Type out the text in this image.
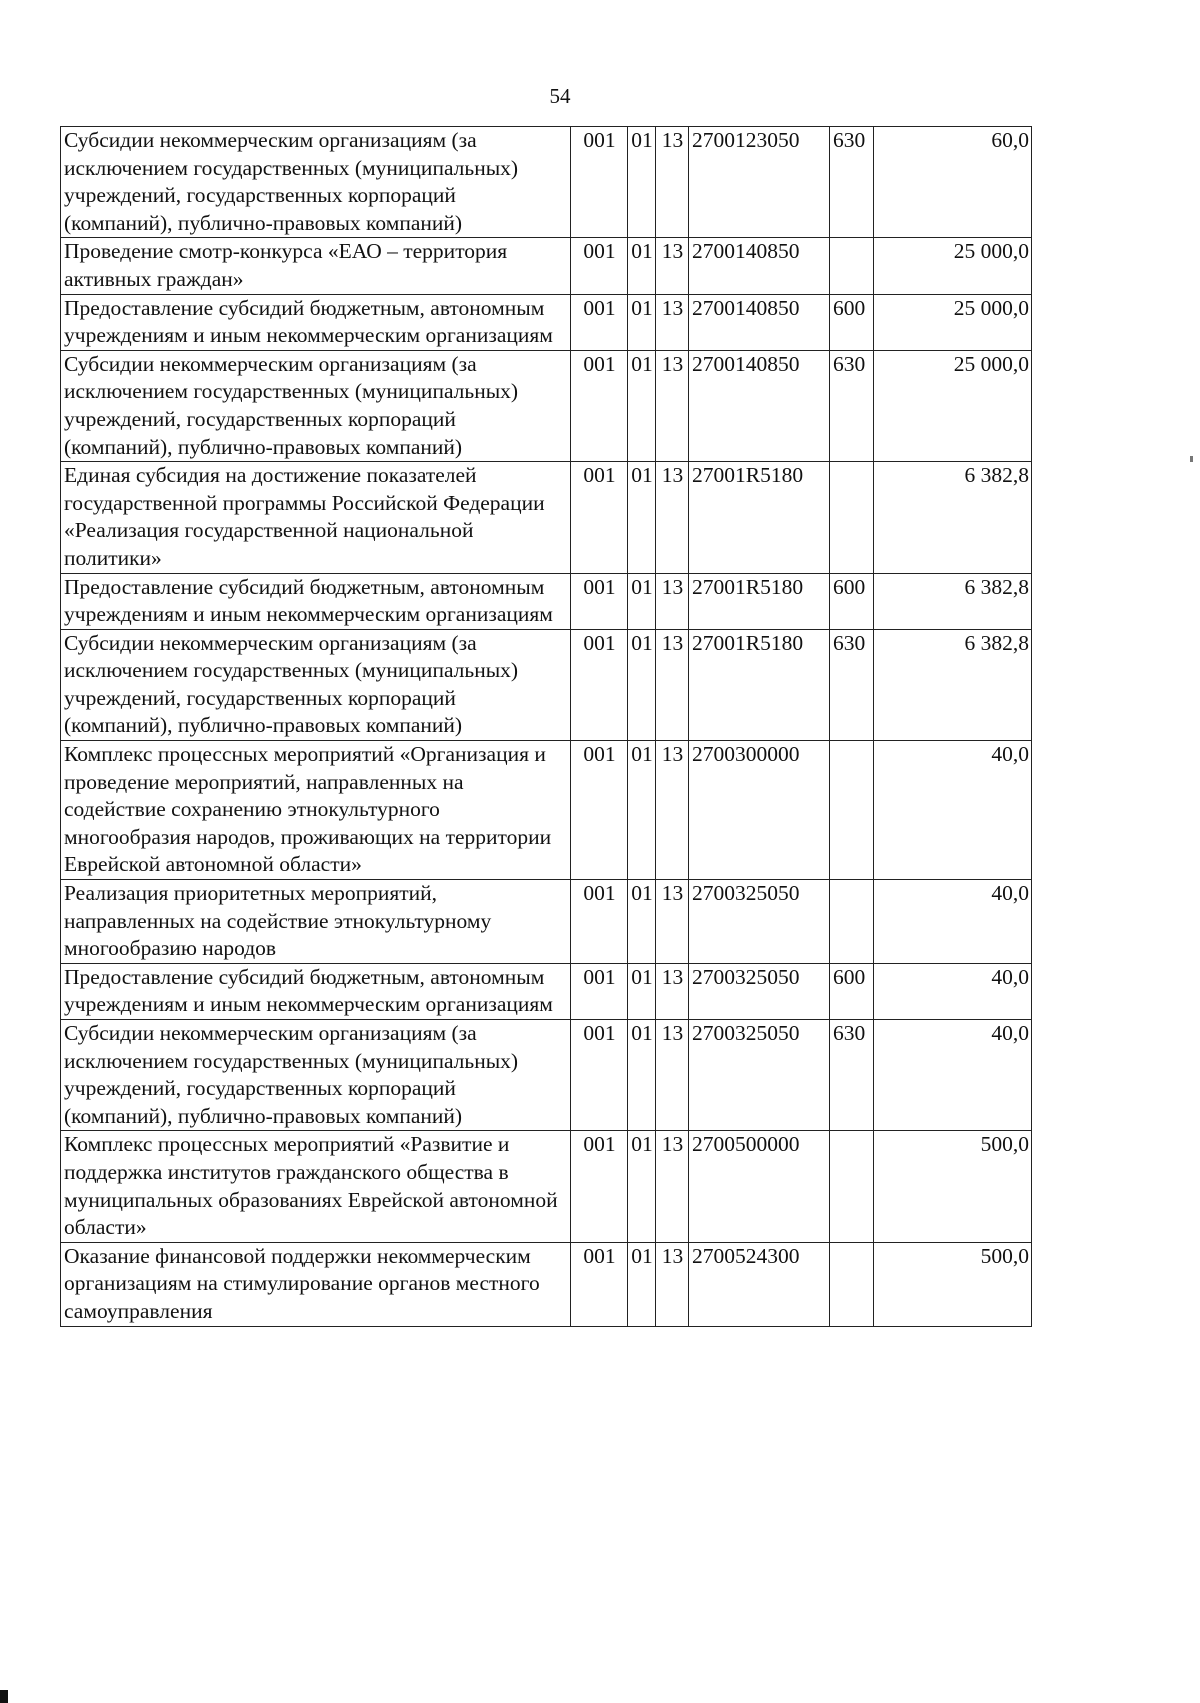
54
Субсидии некоммерческим организациям (за исключением государственных (муниципальных) учреждений, государственных корпораций (компаний), публично-правовых компаний)	001	01	13	2700123050	630	60,0
Проведение смотр-конкурса «ЕАО – территория активных граждан»	001	01	13	2700140850		25 000,0
Предоставление субсидий бюджетным, автономным учреждениям и иным некоммерческим организациям	001	01	13	2700140850	600	25 000,0
Субсидии некоммерческим организациям (за исключением государственных (муниципальных) учреждений, государственных корпораций (компаний), публично-правовых компаний)	001	01	13	2700140850	630	25 000,0
Единая субсидия на достижение показателей государственной программы Российской Федерации «Реализация государственной национальной политики»	001	01	13	27001R5180		6 382,8
Предоставление субсидий бюджетным, автономным учреждениям и иным некоммерческим организациям	001	01	13	27001R5180	600	6 382,8
Субсидии некоммерческим организациям (за исключением государственных (муниципальных) учреждений, государственных корпораций (компаний), публично-правовых компаний)	001	01	13	27001R5180	630	6 382,8
Комплекс процессных мероприятий «Организация и проведение мероприятий, направленных на содействие сохранению этнокультурного многообразия народов, проживающих на территории Еврейской автономной области»	001	01	13	2700300000		40,0
Реализация приоритетных мероприятий, направленных на содействие этнокультурному многообразию народов	001	01	13	2700325050		40,0
Предоставление субсидий бюджетным, автономным учреждениям и иным некоммерческим организациям	001	01	13	2700325050	600	40,0
Субсидии некоммерческим организациям (за исключением государственных (муниципальных) учреждений, государственных корпораций (компаний), публично-правовых компаний)	001	01	13	2700325050	630	40,0
Комплекс процессных мероприятий «Развитие и поддержка институтов гражданского общества в муниципальных образованиях Еврейской автономной области»	001	01	13	2700500000		500,0
Оказание финансовой поддержки некоммерческим организациям на стимулирование органов местного самоуправления	001	01	13	2700524300		500,0
